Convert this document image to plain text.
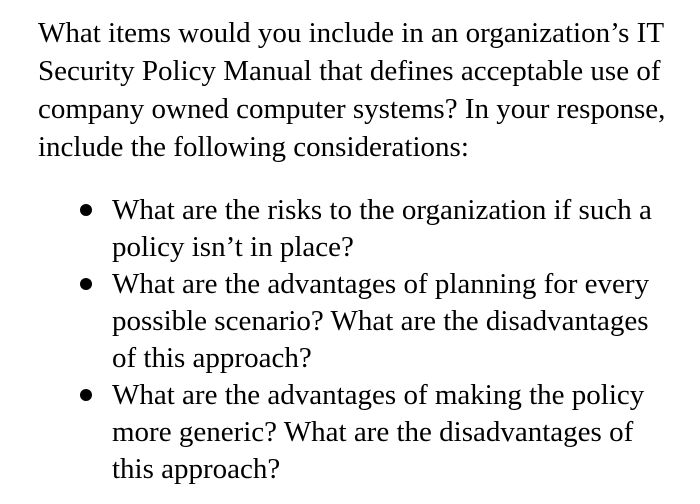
What items would you include in an organization’s IT Security Policy Manual that defines acceptable use of company owned computer systems? In your response, include the following considerations:

What are the risks to the organization if such a policy isn’t in place?
What are the advantages of planning for every possible scenario? What are the disadvantages of this approach?
What are the advantages of making the policy more generic? What are the disadvantages of this approach?
